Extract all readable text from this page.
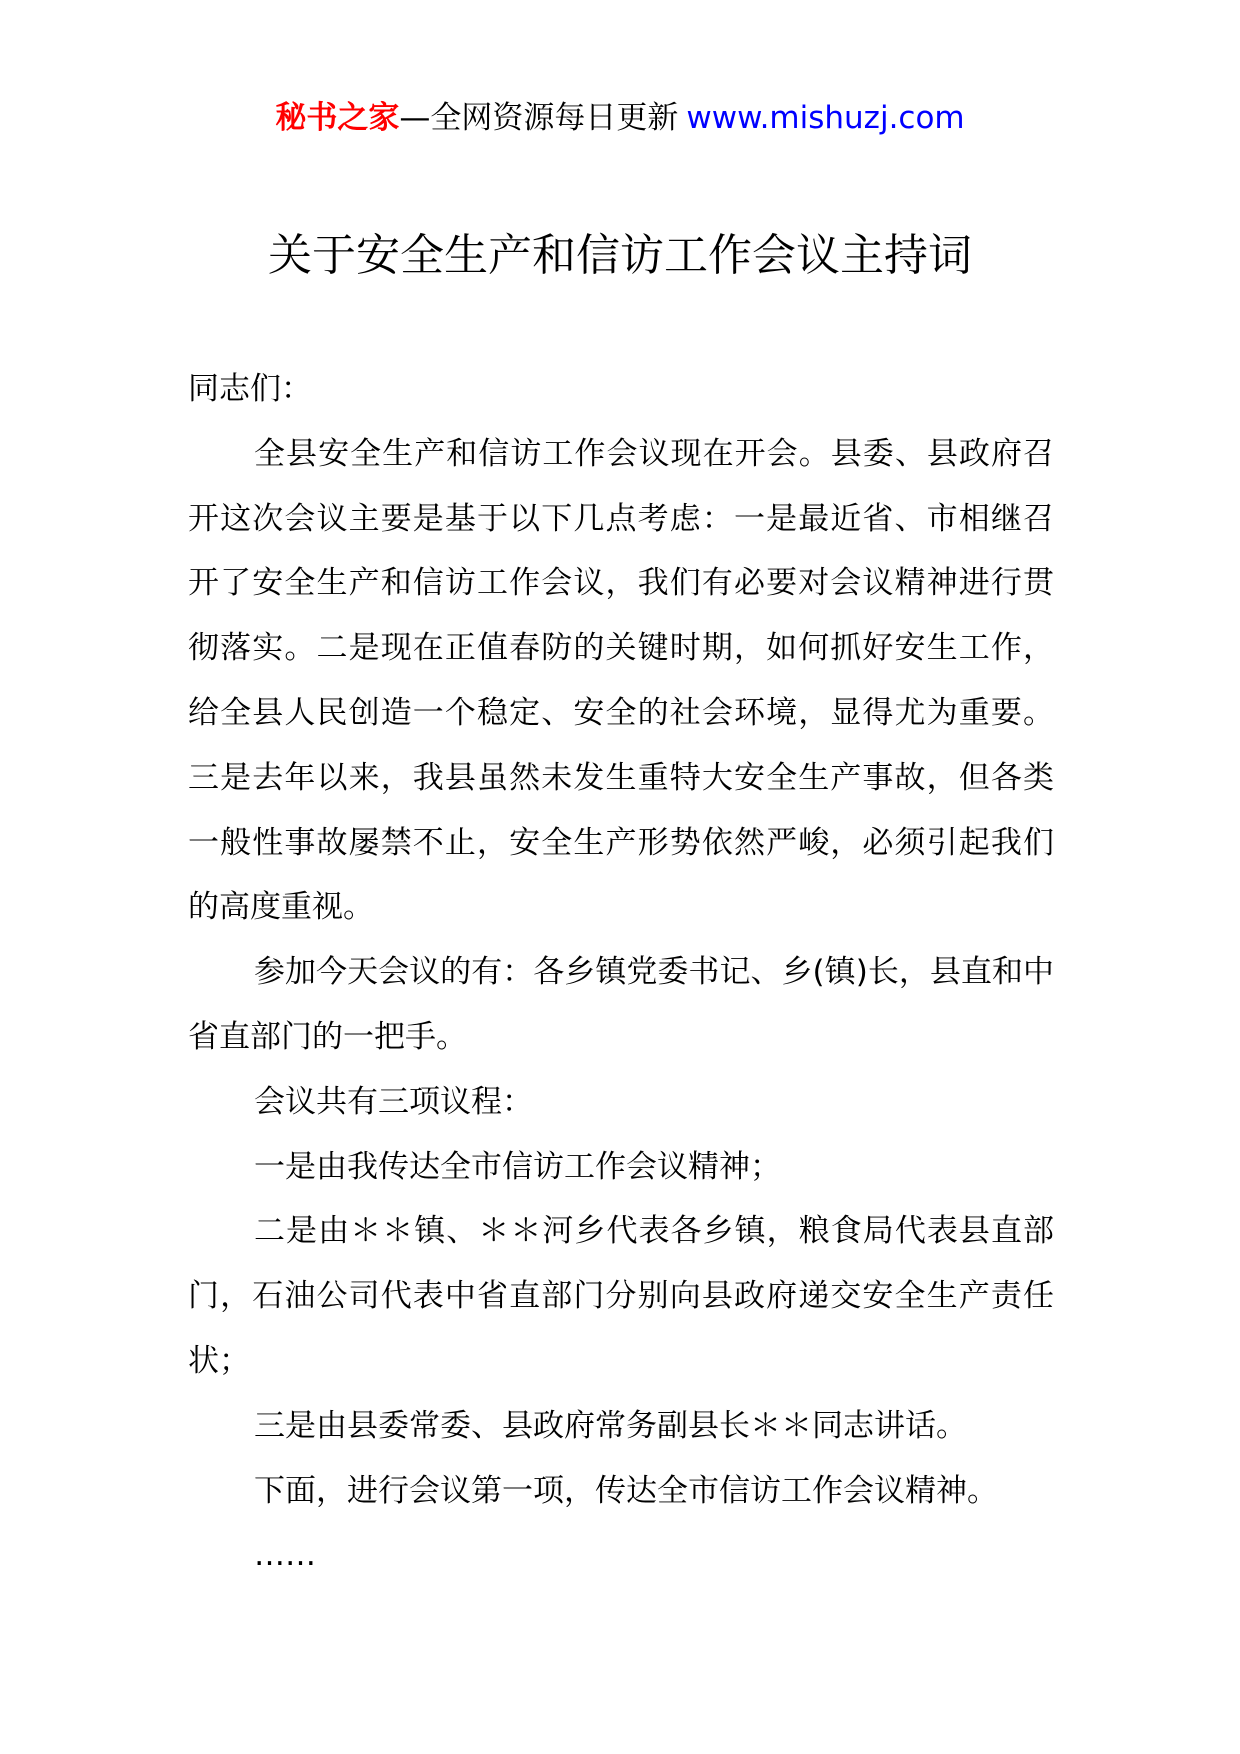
秘书之家—全网资源每日更新 www.mishuzj.com
关于安全生产和信访工作会议主持词

同志们：

全县安全生产和信访工作会议现在开会。县委、县政府召开这次会议主要是基于以下几点考虑：一是最近省、市相继召开了安全生产和信访工作会议，我们有必要对会议精神进行贯彻落实。二是现在正值春防的关键时期，如何抓好安生工作，给全县人民创造一个稳定、安全的社会环境，显得尤为重要。三是去年以来，我县虽然未发生重特大安全生产事故，但各类一般性事故屡禁不止，安全生产形势依然严峻，必须引起我们的高度重视。

参加今天会议的有：各乡镇党委书记、乡(镇)长，县直和中省直部门的一把手。

会议共有三项议程：

一是由我传达全市信访工作会议精神；

二是由＊＊镇、＊＊河乡代表各乡镇，粮食局代表县直部门，石油公司代表中省直部门分别向县政府递交安全生产责任状；

三是由县委常委、县政府常务副县长＊＊同志讲话。

下面，进行会议第一项，传达全市信访工作会议精神。

……
